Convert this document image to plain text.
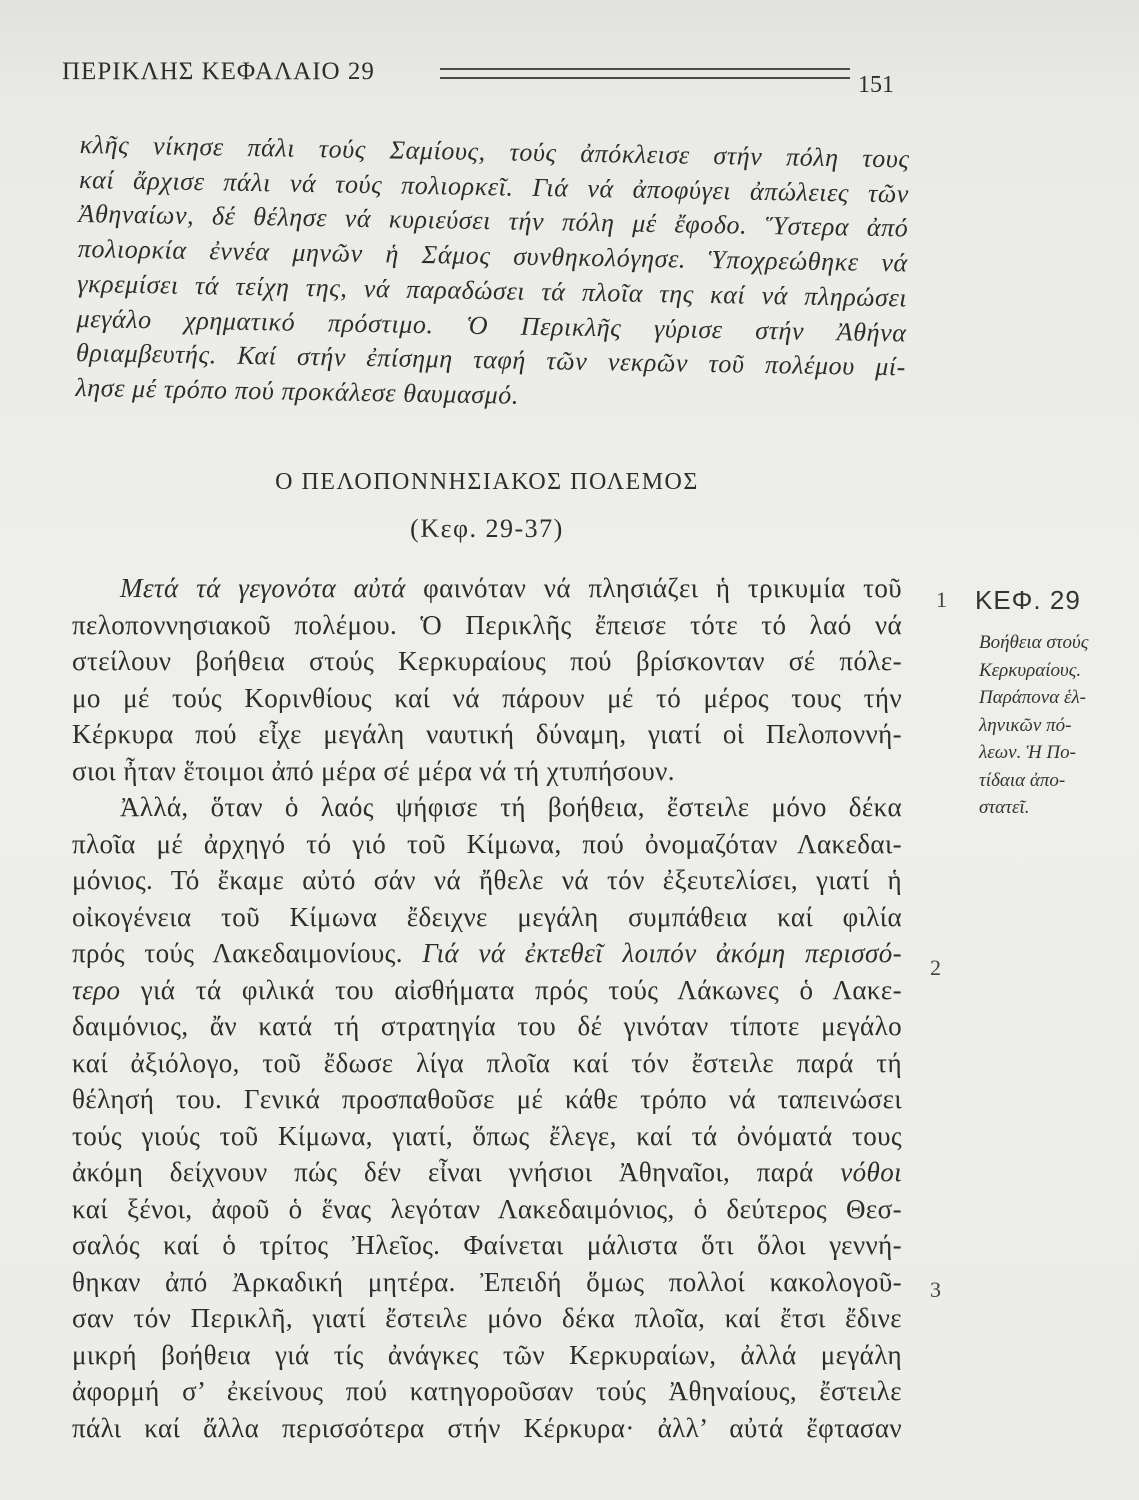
ΠΕΡΙΚΛΗΣ ΚΕΦΑΛΑΙΟ 29	151
κλῆς νίκησε πάλι τούς Σαμίους, τούς ἀπόκλεισε στήν πόλη τους
καί ἄρχισε πάλι νά τούς πολιορκεῖ. Γιά νά ἀποφύγει ἀπώλειες τῶν
Ἀθηναίων, δέ θέλησε νά κυριεύσει τήν πόλη μέ ἔφοδο. Ὕστερα ἀπό
πολιορκία ἐννέα μηνῶν ἡ Σάμος συνθηκολόγησε. Ὑποχρεώθηκε νά
γκρεμίσει τά τείχη της, νά παραδώσει τά πλοῖα της καί νά πληρώσει
μεγάλο χρηματικό πρόστιμο. Ὁ Περικλῆς γύρισε στήν Ἀθήνα
θριαμβευτής. Καί στήν ἐπίσημη ταφή τῶν νεκρῶν τοῦ πολέμου μί-
λησε μέ τρόπο πού προκάλεσε θαυμασμό.
Ο ΠΕΛΟΠΟΝΝΗΣΙΑΚΟΣ ΠΟΛΕΜΟΣ
(Κεφ. 29-37)
Μετά τά γεγονότα αὐτά φαινόταν νά πλησιάζει ἡ τρικυμία τοῦ
πελοποννησιακοῦ πολέμου. Ὁ Περικλῆς ἔπεισε τότε τό λαό νά
στείλουν βοήθεια στούς Κερκυραίους πού βρίσκονταν σέ πόλε-
μο μέ τούς Κορινθίους καί νά πάρουν μέ τό μέρος τους τήν
Κέρκυρα πού εἶχε μεγάλη ναυτική δύναμη, γιατί οἱ Πελοποννή-
σιοι ἦταν ἕτοιμοι ἀπό μέρα σέ μέρα νά τή χτυπήσουν.
Ἀλλά, ὅταν ὁ λαός ψήφισε τή βοήθεια, ἔστειλε μόνο δέκα
πλοῖα μέ ἀρχηγό τό γιό τοῦ Κίμωνα, πού ὀνομαζόταν Λακεδαι-
μόνιος. Τό ἔκαμε αὐτό σάν νά ἤθελε νά τόν ἐξευτελίσει, γιατί ἡ
οἰκογένεια τοῦ Κίμωνα ἔδειχνε μεγάλη συμπάθεια καί φιλία
πρός τούς Λακεδαιμονίους. Γιά νά ἐκτεθεῖ λοιπόν ἀκόμη περισσό-
τερο γιά τά φιλικά του αἰσθήματα πρός τούς Λάκωνες ὁ Λακε-
δαιμόνιος, ἄν κατά τή στρατηγία του δέ γινόταν τίποτε μεγάλο
καί ἀξιόλογο, τοῦ ἔδωσε λίγα πλοῖα καί τόν ἔστειλε παρά τή
θέλησή του. Γενικά προσπαθοῦσε μέ κάθε τρόπο νά ταπεινώσει
τούς γιούς τοῦ Κίμωνα, γιατί, ὅπως ἔλεγε, καί τά ὀνόματά τους
ἀκόμη δείχνουν πώς δέν εἶναι γνήσιοι Ἀθηναῖοι, παρά νόθοι
καί ξένοι, ἀφοῦ ὁ ἕνας λεγόταν Λακεδαιμόνιος, ὁ δεύτερος Θεσ-
σαλός καί ὁ τρίτος Ἠλεῖος. Φαίνεται μάλιστα ὅτι ὅλοι γεννή-
θηκαν ἀπό Ἀρκαδική μητέρα. Ἐπειδή ὅμως πολλοί κακολογοῦ-
σαν τόν Περικλῆ, γιατί ἔστειλε μόνο δέκα πλοῖα, καί ἔτσι ἔδινε
μικρή βοήθεια γιά τίς ἀνάγκες τῶν Κερκυραίων, ἀλλά μεγάλη
ἀφορμή σ’ ἐκείνους πού κατηγοροῦσαν τούς Ἀθηναίους, ἔστειλε
πάλι καί ἄλλα περισσότερα στήν Κέρκυρα· ἀλλ’ αὐτά ἔφτασαν
1
2
3
ΚΕΦ. 29
Βοήθεια στούς
Κερκυραίους.
Παράπονα ἑλ-
ληνικῶν πό-
λεων. Ἡ Πο-
τίδαια ἀπο-
στατεῖ.
